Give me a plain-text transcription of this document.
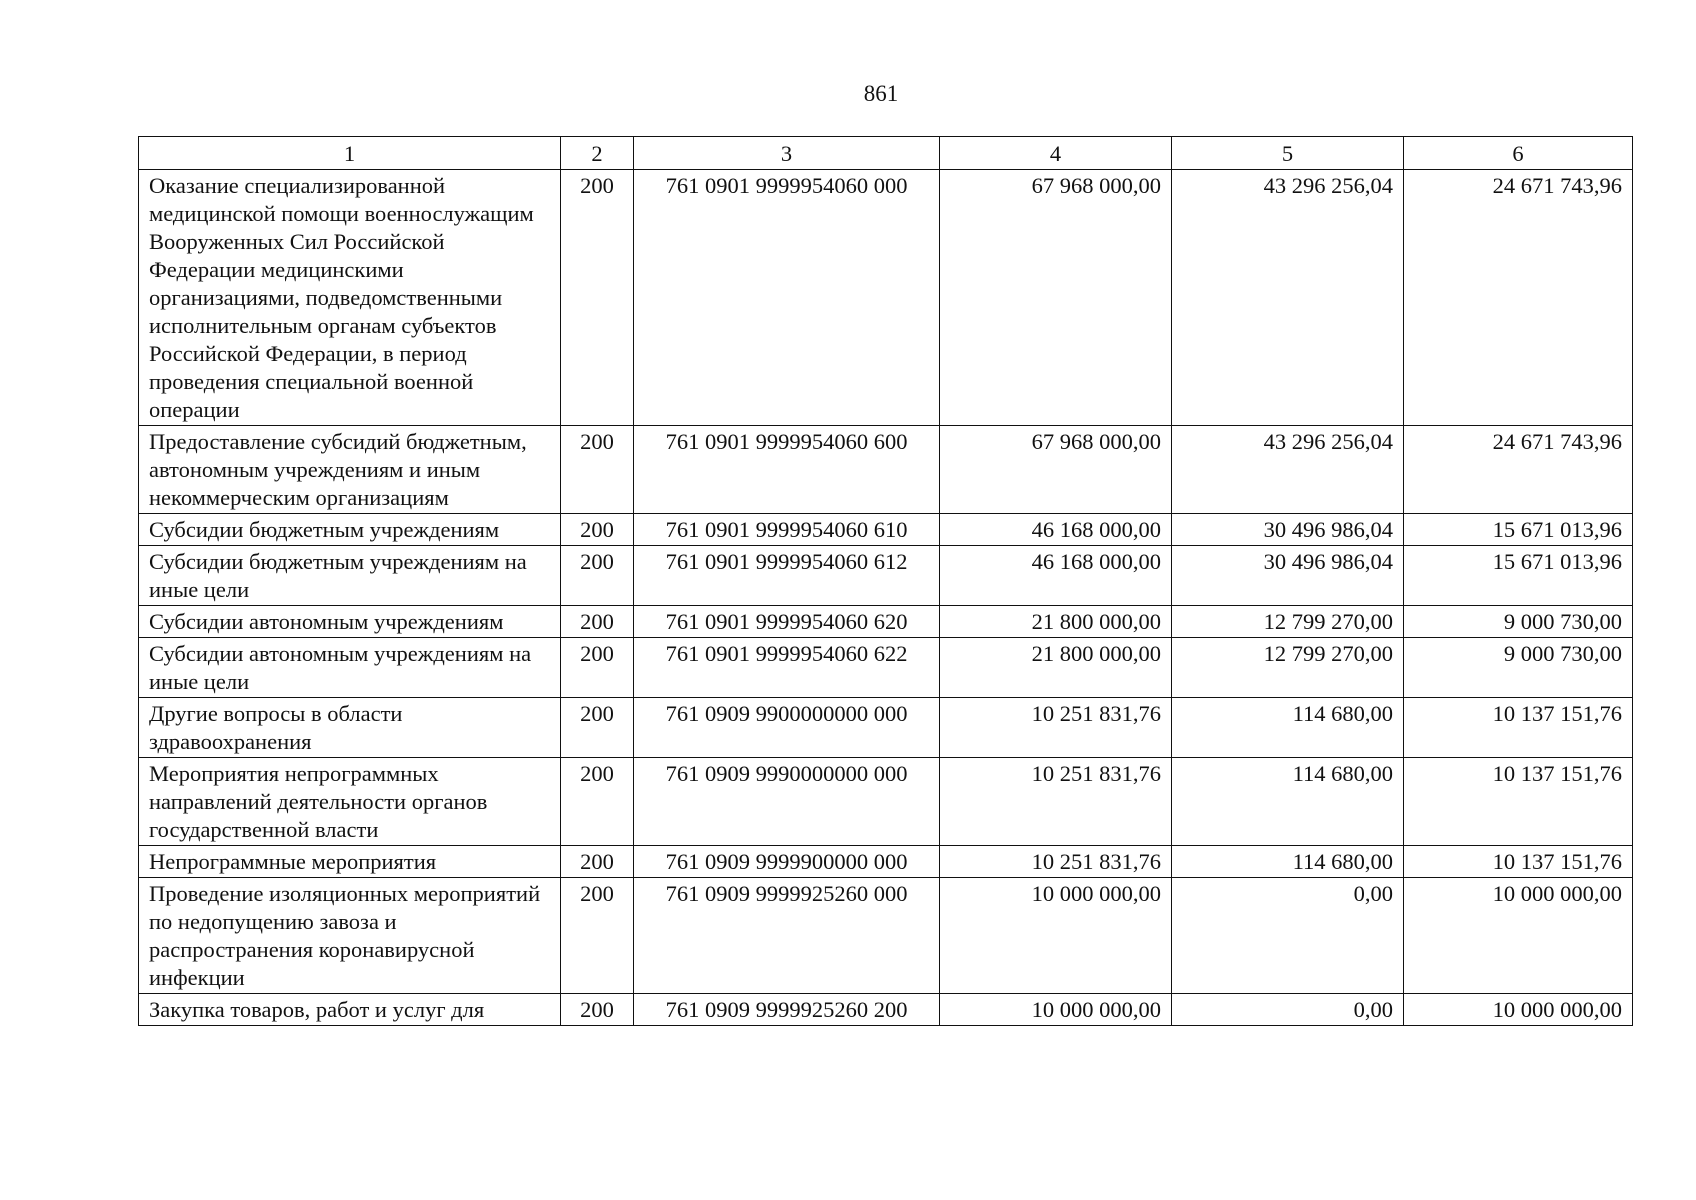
861
1	2	3	4	5	6
Оказание специализированной медицинской помощи военнослужащим Вооруженных Сил Российской Федерации медицинскими организациями, подведомственными исполнительным органам субъектов Российской Федерации, в период проведения специальной военной операции	200	761 0901 9999954060 000	67 968 000,00	43 296 256,04	24 671 743,96
Предоставление субсидий бюджетным, автономным учреждениям и иным некоммерческим организациям	200	761 0901 9999954060 600	67 968 000,00	43 296 256,04	24 671 743,96
Субсидии бюджетным учреждениям	200	761 0901 9999954060 610	46 168 000,00	30 496 986,04	15 671 013,96
Субсидии бюджетным учреждениям на иные цели	200	761 0901 9999954060 612	46 168 000,00	30 496 986,04	15 671 013,96
Субсидии автономным учреждениям	200	761 0901 9999954060 620	21 800 000,00	12 799 270,00	9 000 730,00
Субсидии автономным учреждениям на иные цели	200	761 0901 9999954060 622	21 800 000,00	12 799 270,00	9 000 730,00
Другие вопросы в области здравоохранения	200	761 0909 9900000000 000	10 251 831,76	114 680,00	10 137 151,76
Мероприятия непрограммных направлений деятельности органов государственной власти	200	761 0909 9990000000 000	10 251 831,76	114 680,00	10 137 151,76
Непрограммные мероприятия	200	761 0909 9999900000 000	10 251 831,76	114 680,00	10 137 151,76
Проведение изоляционных мероприятий по недопущению завоза и распространения коронавирусной инфекции	200	761 0909 9999925260 000	10 000 000,00	0,00	10 000 000,00
Закупка товаров, работ и услуг для	200	761 0909 9999925260 200	10 000 000,00	0,00	10 000 000,00
